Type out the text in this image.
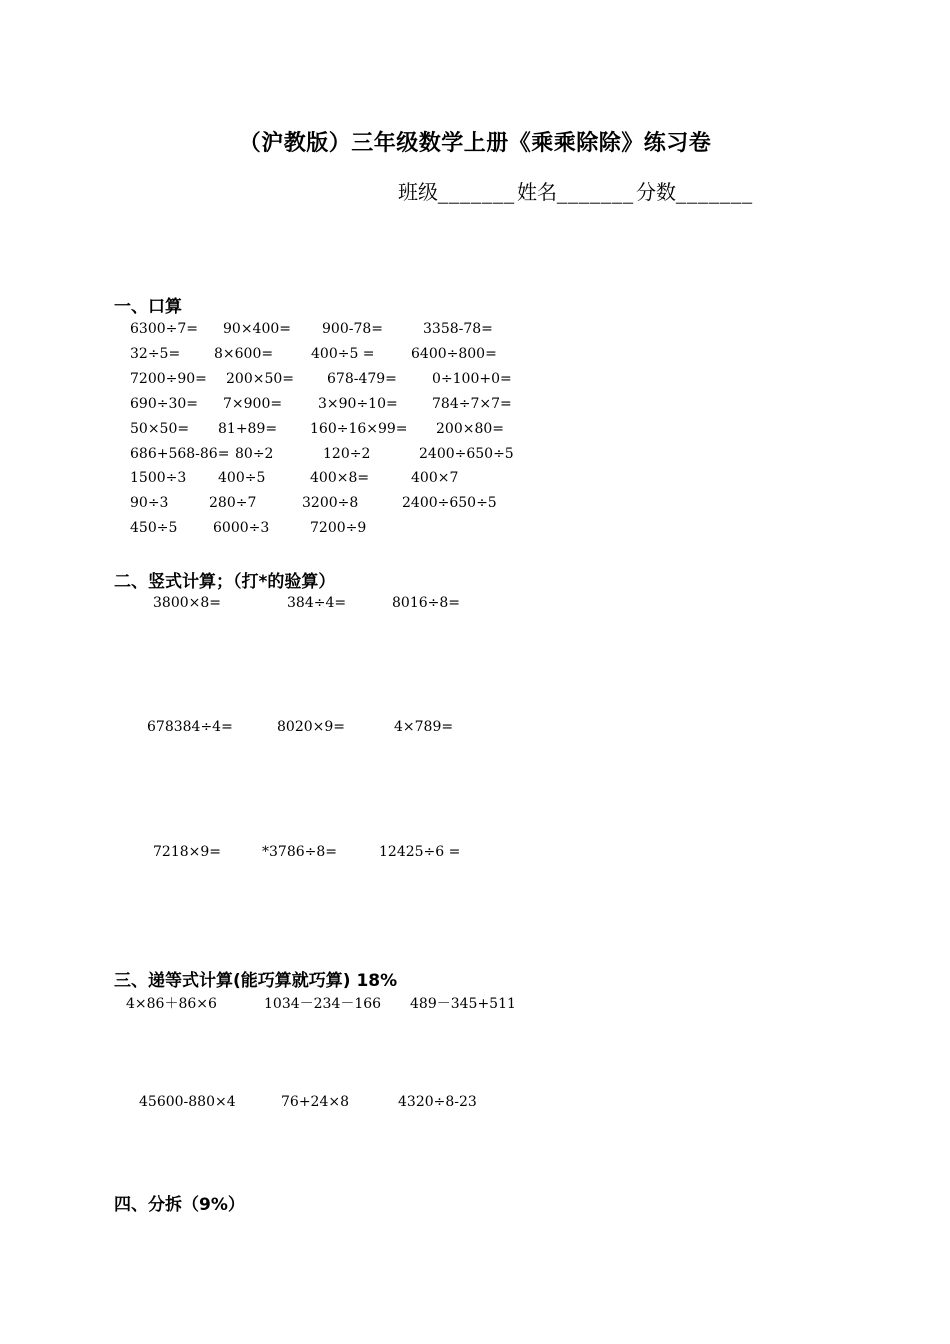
（沪教版）三年级数学上册《乘乘除除》练习卷
班级_______ 姓名_______ 分数_______
一、口算
6300÷7= 90×400= 900-78=	3358-78=
32÷5= 8×600=	400÷5 =	6400÷800=
7200÷90= 200×50= 678-479=	0÷100+0=
690÷30= 7×900=	3×90÷10= 784÷7×7=
50×50= 81+89= 160÷16×99= 200×80=
686+568-86= 80÷2	120÷2	2400÷650÷5
1500÷3 400÷5	400×8=	400×7
90÷3	280÷7	3200÷8	2400÷650÷5
450÷5	6000÷3	7200÷9
二、竖式计算；（打*的验算）
3800×8=	384÷4=	8016÷8=
678384÷4=	8020×9=	4×789=
7218×9=	*3786÷8=	12425÷6 =
三、递等式计算(能巧算就巧算) 18%
4×86＋86×6	1034－234－166 489－345+511
45600-880×4	76+24×8	4320÷8-23
四、分拆（9%）
